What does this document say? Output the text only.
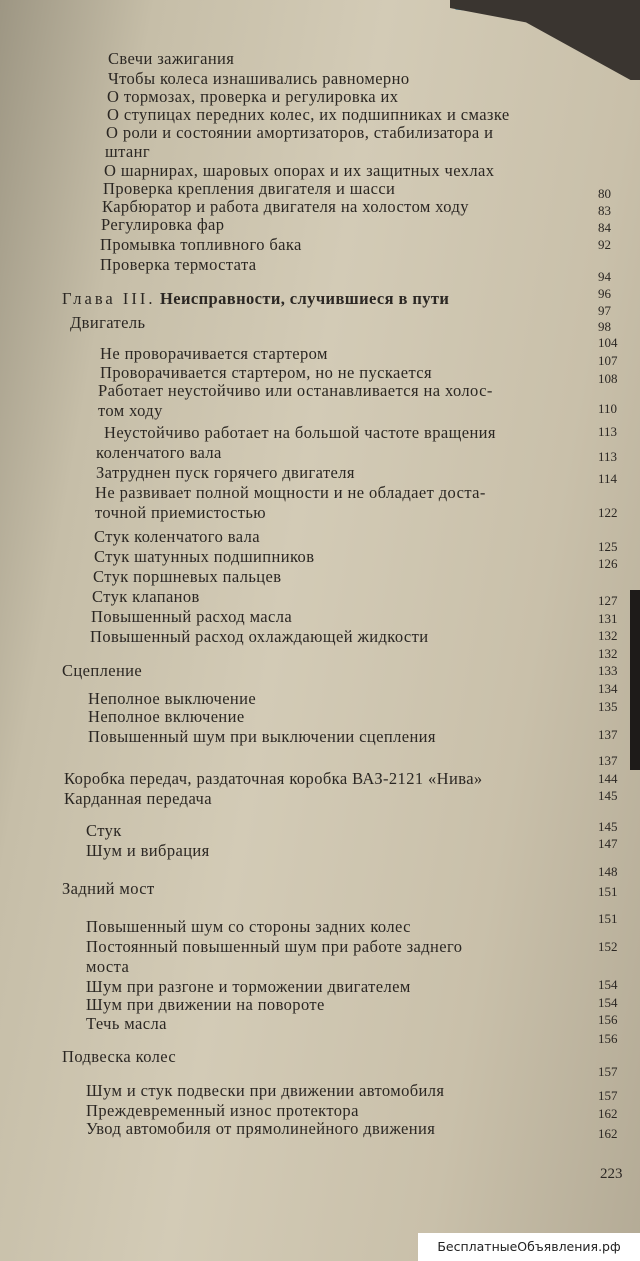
Свечи зажигания
Чтобы колеса изнашивались равномерно
О тормозах, проверка и регулировка их
О ступицах передних колес, их подшипниках и смазке
О роли и состоянии амортизаторов, стабилизатора и
штанг
О шарнирах, шаровых опорах и их защитных чехлах
Проверка крепления двигателя и шасси
Карбюратор и работа двигателя на холостом ходу
Регулировка фар
Промывка топливного бака
Проверка термостата
Глава III. Неисправности, случившиеся в пути
Двигатель
Не проворачивается стартером
Проворачивается стартером, но не пускается
Работает неустойчиво или останавливается на холос-
том ходу
Неустойчиво работает на большой частоте вращения
коленчатого вала
Затруднен пуск горячего двигателя
Не развивает полной мощности и не обладает доста-
точной приемистостью
Стук коленчатого вала
Стук шатунных подшипников
Стук поршневых пальцев
Стук клапанов
Повышенный расход масла
Повышенный расход охлаждающей жидкости
Сцепление
Неполное выключение
Неполное включение
Повышенный шум при выключении сцепления
Коробка передач, раздаточная коробка ВАЗ-2121 «Нива»
Карданная передача
Стук
Шум и вибрация
Задний мост
Повышенный шум со стороны задних колес
Постоянный повышенный шум при работе заднего
моста
Шум при разгоне и торможении двигателем
Шум при движении на повороте
Течь масла
Подвеска колес
Шум и стук подвески при движении автомобиля
Преждевременный износ протектора
Увод автомобиля от прямолинейного движения
80
83
84
92
94
96
97
98
104
107
108
110
113
113
114
122
125
126
127
131
132
132
133
134
135
137
137
144
145
145
147
148
151
151
152
154
154
156
156
157
157
162
162
223
БесплатныеОбъявления.рф
